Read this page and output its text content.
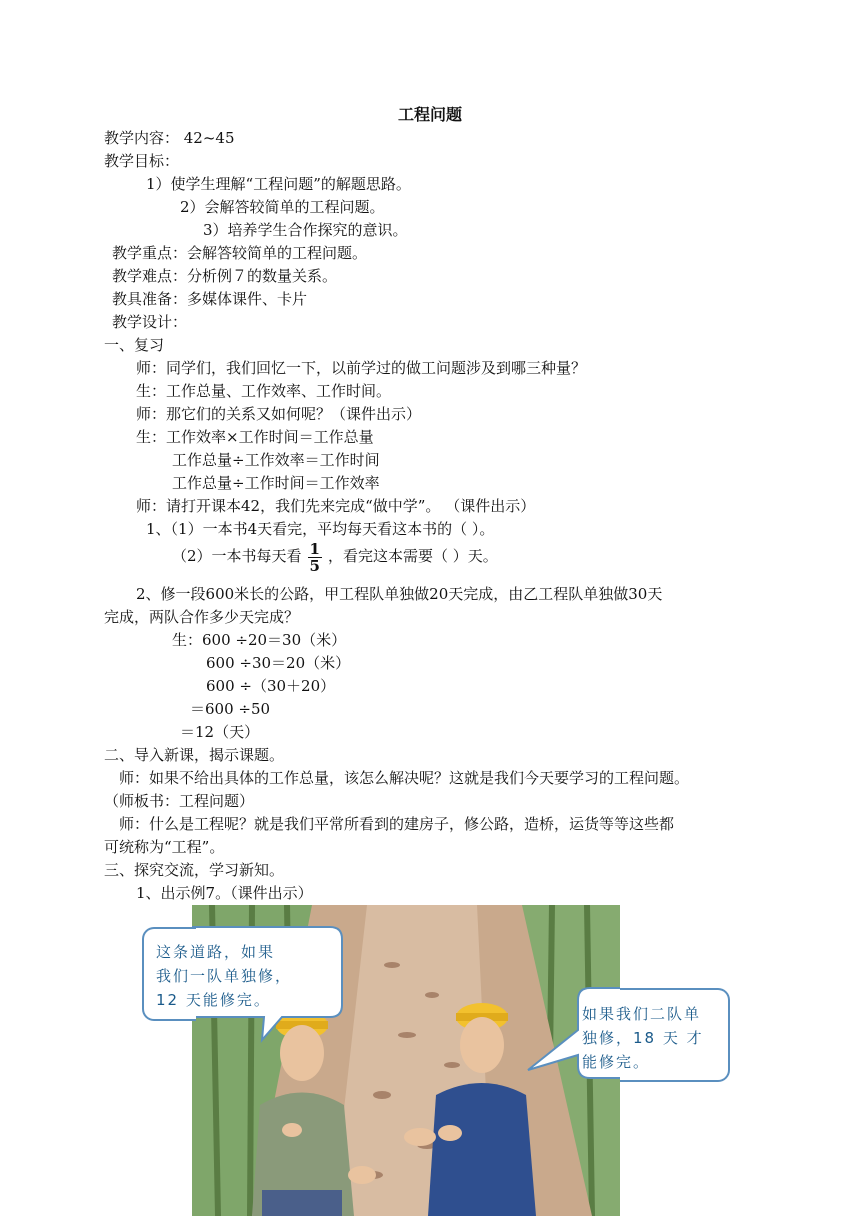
工程问题
教学内容： 42~45
教学目标：
1）使学生理解“工程问题”的解题思路。
2）会解答较简单的工程问题。
3）培养学生合作探究的意识。
教学重点：会解答较简单的工程问题。
教学难点：分析例７的数量关系。
教具准备：多媒体课件、卡片
教学设计：
一、复习
师：同学们，我们回忆一下，以前学过的做工问题涉及到哪三种量？
生：工作总量、工作效率、工作时间。
师：那它们的关系又如何呢？（课件出示）
生：工作效率×工作时间＝工作总量
工作总量÷工作效率＝工作时间
工作总量÷工作时间＝工作效率
师：请打开课本42，我们先来完成“做中学”。 （课件出示）
1、（1）一本书4天看完，平均每天看这本书的（ ）。
（2）一本书每天看 $\frac{1}{5}$ ，看完这本需要（ ）天。
2、修一段600米长的公路，甲工程队单独做20天完成，由乙工程队单独做30天
完成，两队合作多少天完成？
生：600 ÷20＝30（米）
600 ÷30＝20（米）
600 ÷（30＋20）
＝600 ÷50
＝12（天）
二、导入新课，揭示课题。
师：如果不给出具体的工作总量，该怎么解决呢？这就是我们今天要学习的工程问题。
（师板书：工程问题）
师：什么是工程呢？就是我们平常所看到的建房子，修公路，造桥，运货等等这些都
可统称为“工程”。
三、探究交流，学习新知。
1、出示例7。（课件出示）
这条道路，如果
我们一队单独修，
12 天能修完。
如果我们二队单
独修，18 天 才
能修完。
